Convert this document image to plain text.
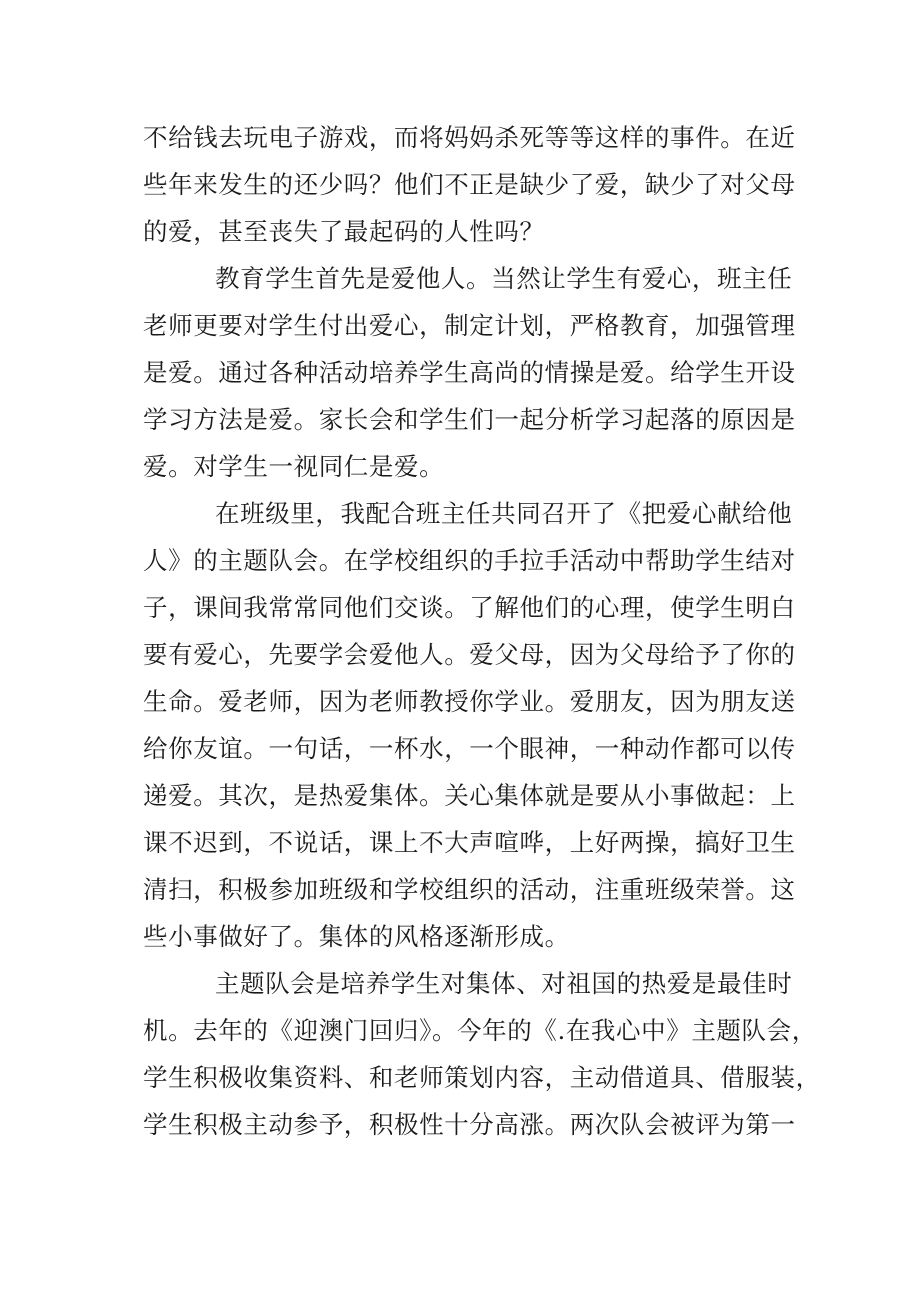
不给钱去玩电子游戏，而将妈妈杀死等等这样的事件。在近
些年来发生的还少吗？他们不正是缺少了爱，缺少了对父母
的爱，甚至丧失了最起码的人性吗？
教育学生首先是爱他人。当然让学生有爱心，班主任
老师更要对学生付出爱心，制定计划，严格教育，加强管理
是爱。通过各种活动培养学生高尚的情操是爱。给学生开设
学习方法是爱。家长会和学生们一起分析学习起落的原因是
爱。对学生一视同仁是爱。
在班级里，我配合班主任共同召开了《把爱心献给他
人》的主题队会。在学校组织的手拉手活动中帮助学生结对
子，课间我常常同他们交谈。了解他们的心理，使学生明白
要有爱心，先要学会爱他人。爱父母，因为父母给予了你的
生命。爱老师，因为老师教授你学业。爱朋友，因为朋友送
给你友谊。一句话，一杯水，一个眼神，一种动作都可以传
递爱。其次，是热爱集体。关心集体就是要从小事做起：上
课不迟到，不说话，课上不大声喧哗，上好两操，搞好卫生
清扫，积极参加班级和学校组织的活动，注重班级荣誉。这
些小事做好了。集体的风格逐渐形成。
主题队会是培养学生对集体、对祖国的热爱是最佳时
机。去年的《迎澳门回归》。今年的《.在我心中》主题队会，
学生积极收集资料、和老师策划内容，主动借道具、借服装，
学生积极主动参予，积极性十分高涨。两次队会被评为第一
